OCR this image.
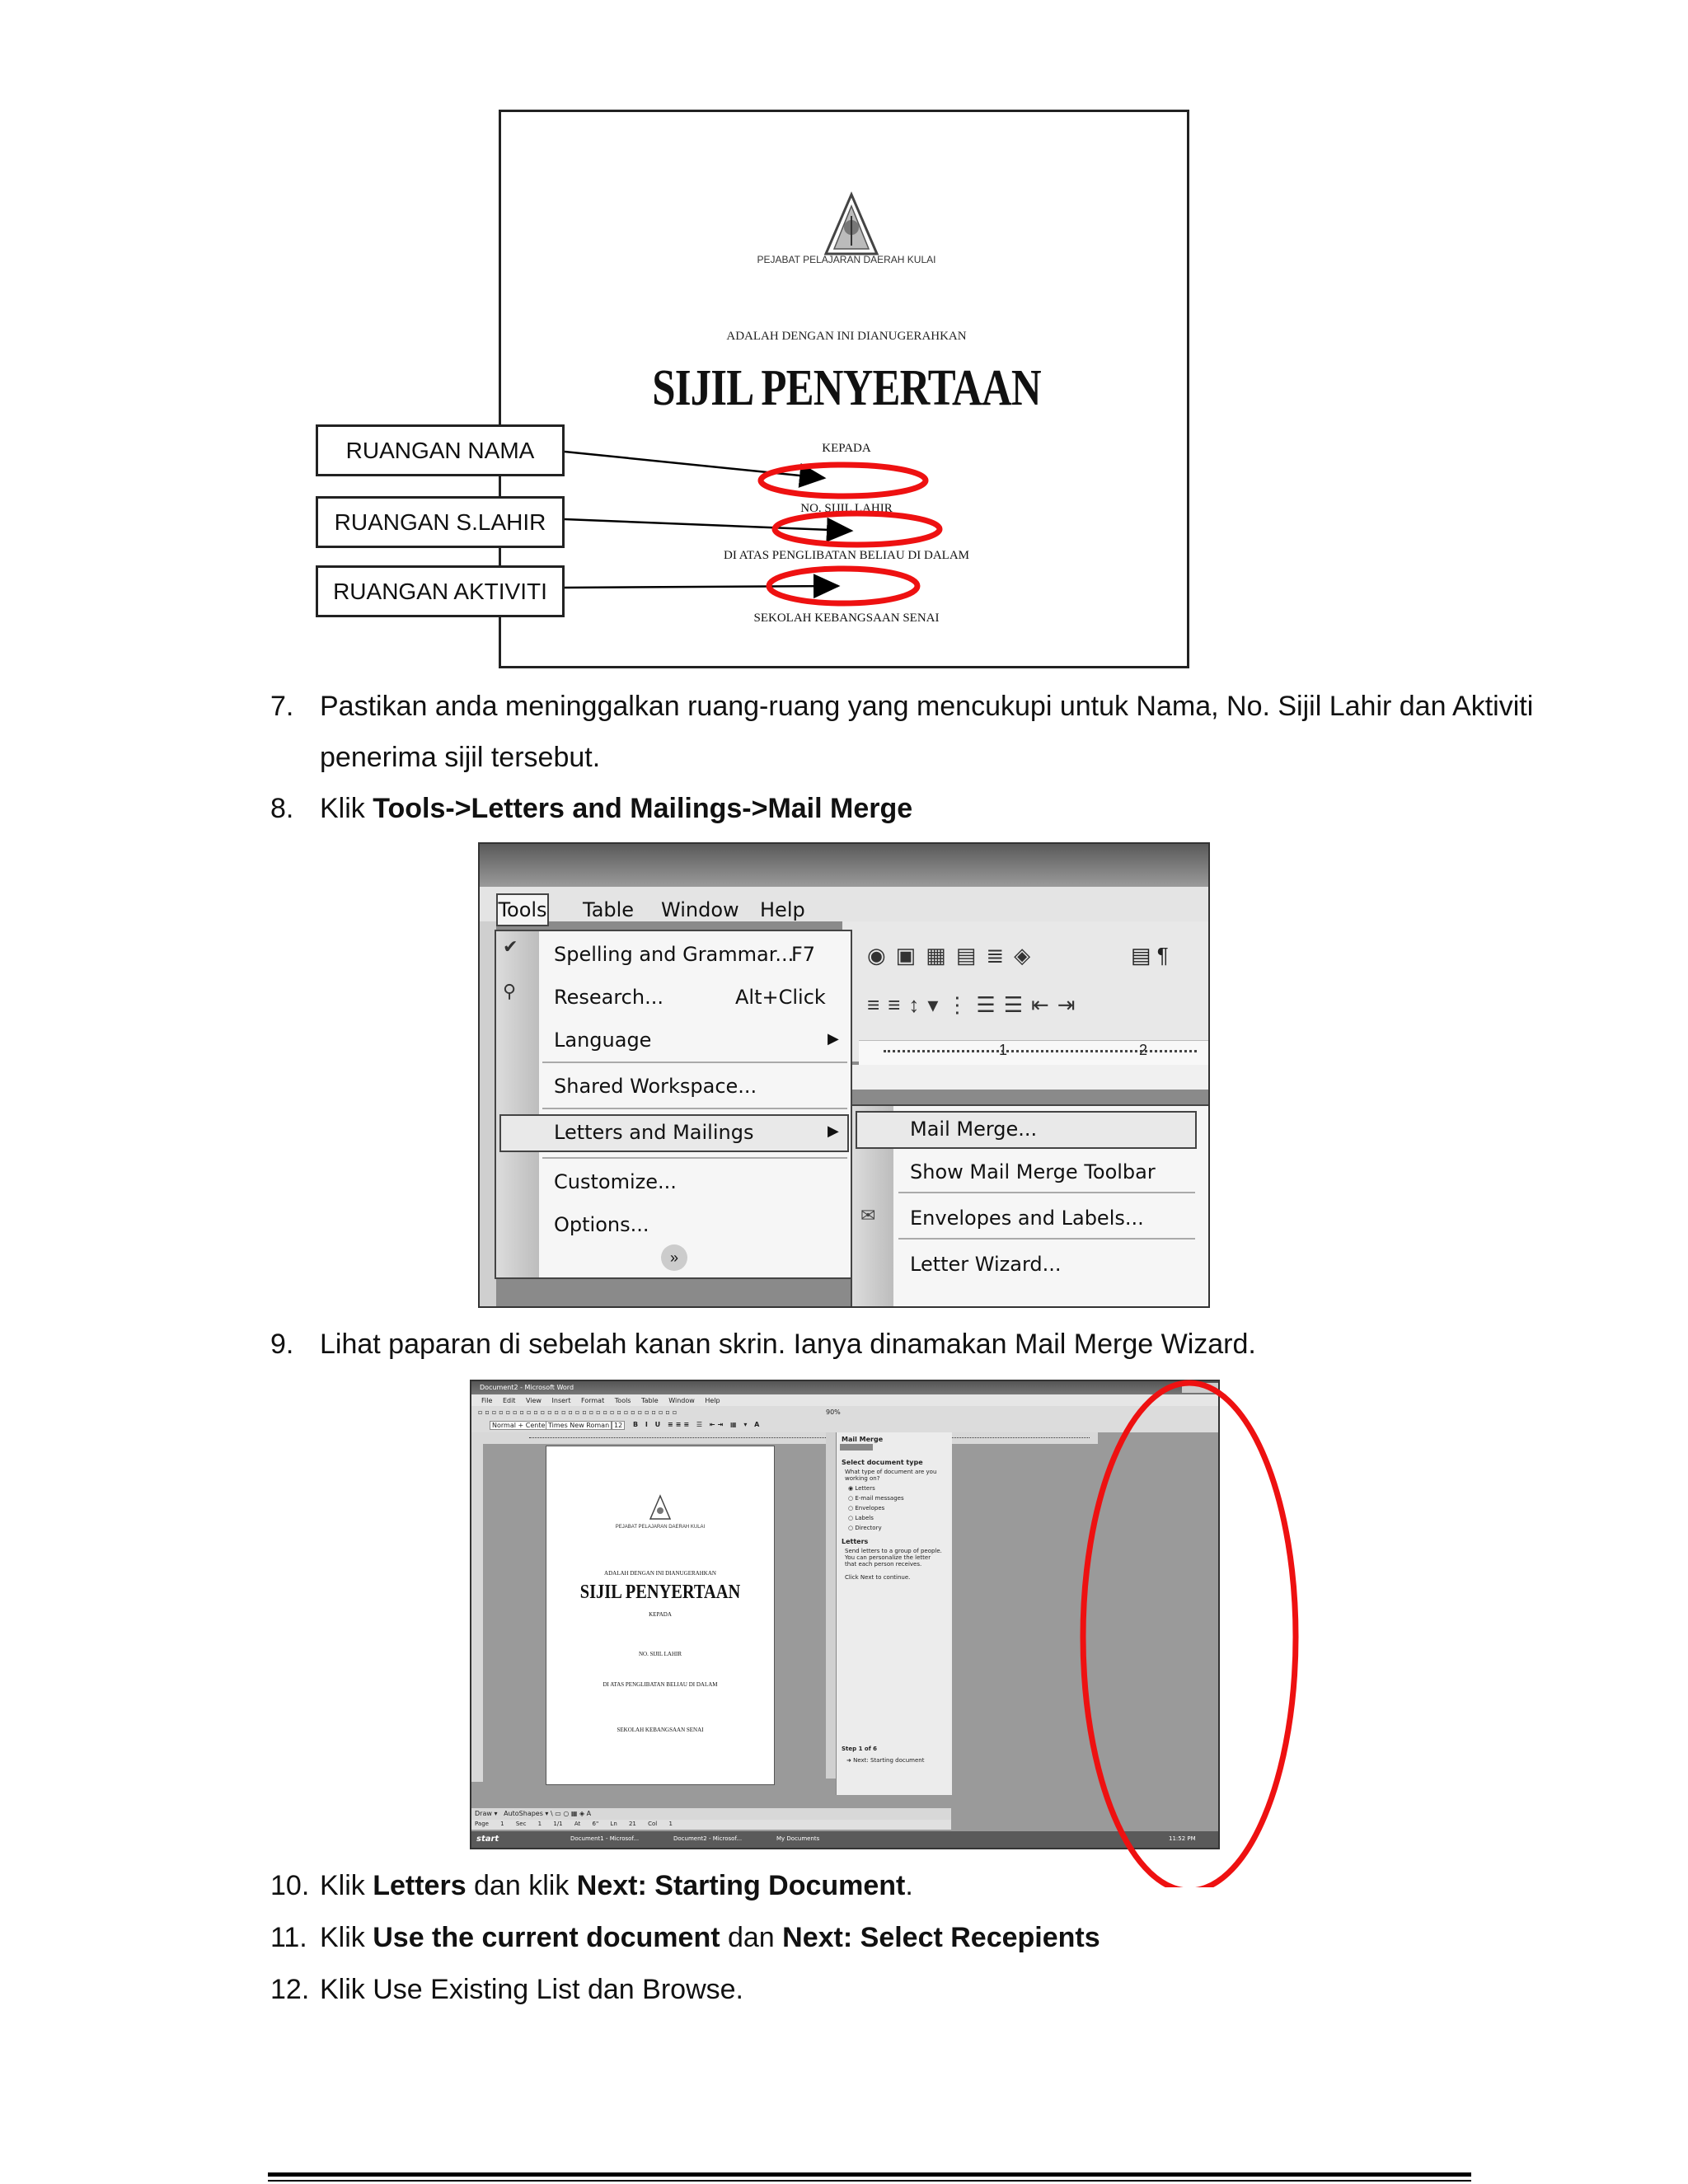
PEJABAT PELAJARAN DAERAH KULAI
ADALAH DENGAN INI DIANUGERAHKAN
SIJIL PENYERTAAN
KEPADA
NO. SIJIL LAHIR
DI ATAS PENGLIBATAN BELIAU DI DALAM
SEKOLAH KEBANGSAAN SENAI
RUANGAN NAMA
RUANGAN S.LAHIR
RUANGAN AKTIVITI
7. Pastikan anda meninggalkan ruang-ruang yang mencukupi untuk Nama, No. Sijil Lahir dan Aktiviti
penerima sijil tersebut.
8. Klik Tools->Letters and Mailings->Mail Merge
Tools Table Window Help
◉▣▦▤≣◈	▤ ¶
≡≡↕▾⋮☰☰⇤⇥
1	2
✔
⚲
Spelling and Grammar...
F7
Research...	Alt+Click
Language	▶
Shared Workspace...
Letters and Mailings	▶
Customize...
Options...
»
Mail Merge...
Show Mail Merge Toolbar
✉ Envelopes and Labels...
Letter Wizard...
9. Lihat paparan di sebelah kanan skrin. Ianya dinamakan Mail Merge Wizard.
Document2 - Microsoft Word
File Edit View Insert Format Tools Table Window Help
▫▫▫▫▫▫▫▫▫▫▫▫▫▫▫▫▫▫▫▫▫▫▫▫▫▫▫▫▫	90%
Normal + Cente Times New Roman 12	B I U ≡≡≡ ☰ ⇤⇥ ▦ ▾ A
PEJABAT PELAJARAN DAERAH KULAI
ADALAH DENGAN INI DIANUGERAHKAN
SIJIL PENYERTAAN
KEPADA
NO. SIJIL LAHIR
DI ATAS PENGLIBATAN BELIAU DI DALAM
SEKOLAH KEBANGSAAN SENAI
Mail Merge
Select document type
What type of document are you working on?
◉ Letters
○ E-mail messages
○ Envelopes
○ Labels
○ Directory
Letters
Send letters to a group of people. You can personalize the letter that each person receives.
Click Next to continue.
Step 1 of 6
➜ Next: Starting document
Draw ▾   AutoShapes ▾ \ ▭ ○ ▦ ◈ A
Page 1 Sec 1 1/1 At 6" Ln 21 Col 1
start	Document1 - Microsof...	Document2 - Microsof...	My Documents	11:52 PM
10. Klik Letters dan klik Next: Starting Document.
11. Klik Use the current document dan Next: Select Recepients
12. Klik Use Existing List dan Browse.
